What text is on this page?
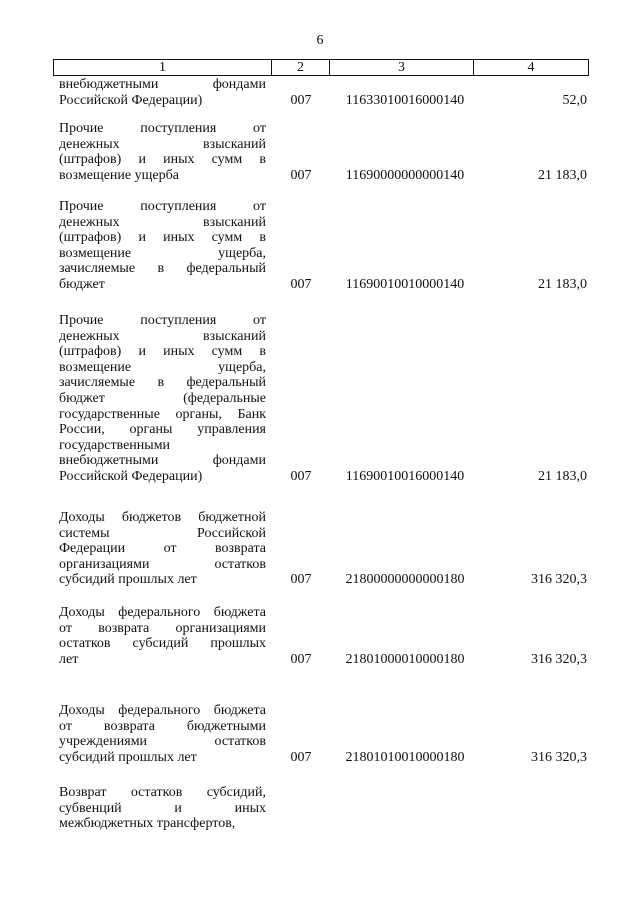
6
1	2	3	4
внебюджетными фондами
Российской Федерации)	007	11633010016000140	52,0
Прочие поступления от
денежных взысканий
(штрафов) и иных сумм в
возмещение ущерба	007	11690000000000140	21 183,0
Прочие поступления от
денежных взысканий
(штрафов) и иных сумм в
возмещение ущерба,
зачисляемые в федеральный
бюджет	007	11690010010000140	21 183,0
Прочие поступления от
денежных взысканий
(штрафов) и иных сумм в
возмещение ущерба,
зачисляемые в федеральный
бюджет (федеральные
государственные органы, Банк
России, органы управления
государственными
внебюджетными фондами
Российской Федерации)	007	11690010016000140	21 183,0
Доходы бюджетов бюджетной
системы Российской
Федерации от возврата
организациями остатков
субсидий прошлых лет	007	21800000000000180	316 320,3
Доходы федерального бюджета
от возврата организациями
остатков субсидий прошлых
лет	007	21801000010000180	316 320,3
Доходы федерального бюджета
от возврата бюджетными
учреждениями остатков
субсидий прошлых лет	007	21801010010000180	316 320,3
Возврат остатков субсидий,
субвенций и иных
межбюджетных трансфертов,
